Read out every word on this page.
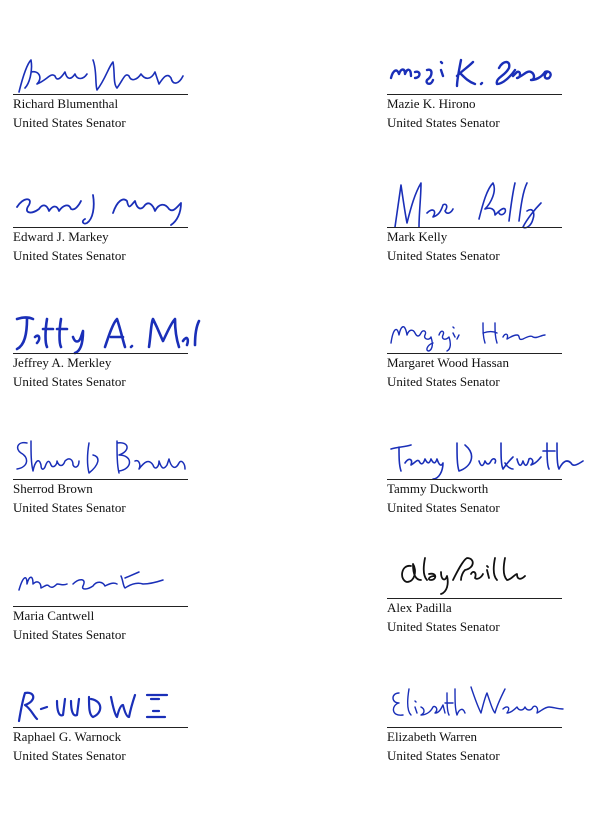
Richard Blumenthal
United States Senator
Edward J. Markey
United States Senator
Jeffrey A. Merkley
United States Senator
Sherrod Brown
United States Senator
Maria Cantwell
United States Senator
Raphael G. Warnock
United States Senator
Mazie K. Hirono
United States Senator
Mark Kelly
United States Senator
Margaret Wood Hassan
United States Senator
Tammy Duckworth
United States Senator
Alex Padilla
United States Senator
Elizabeth Warren
United States Senator
